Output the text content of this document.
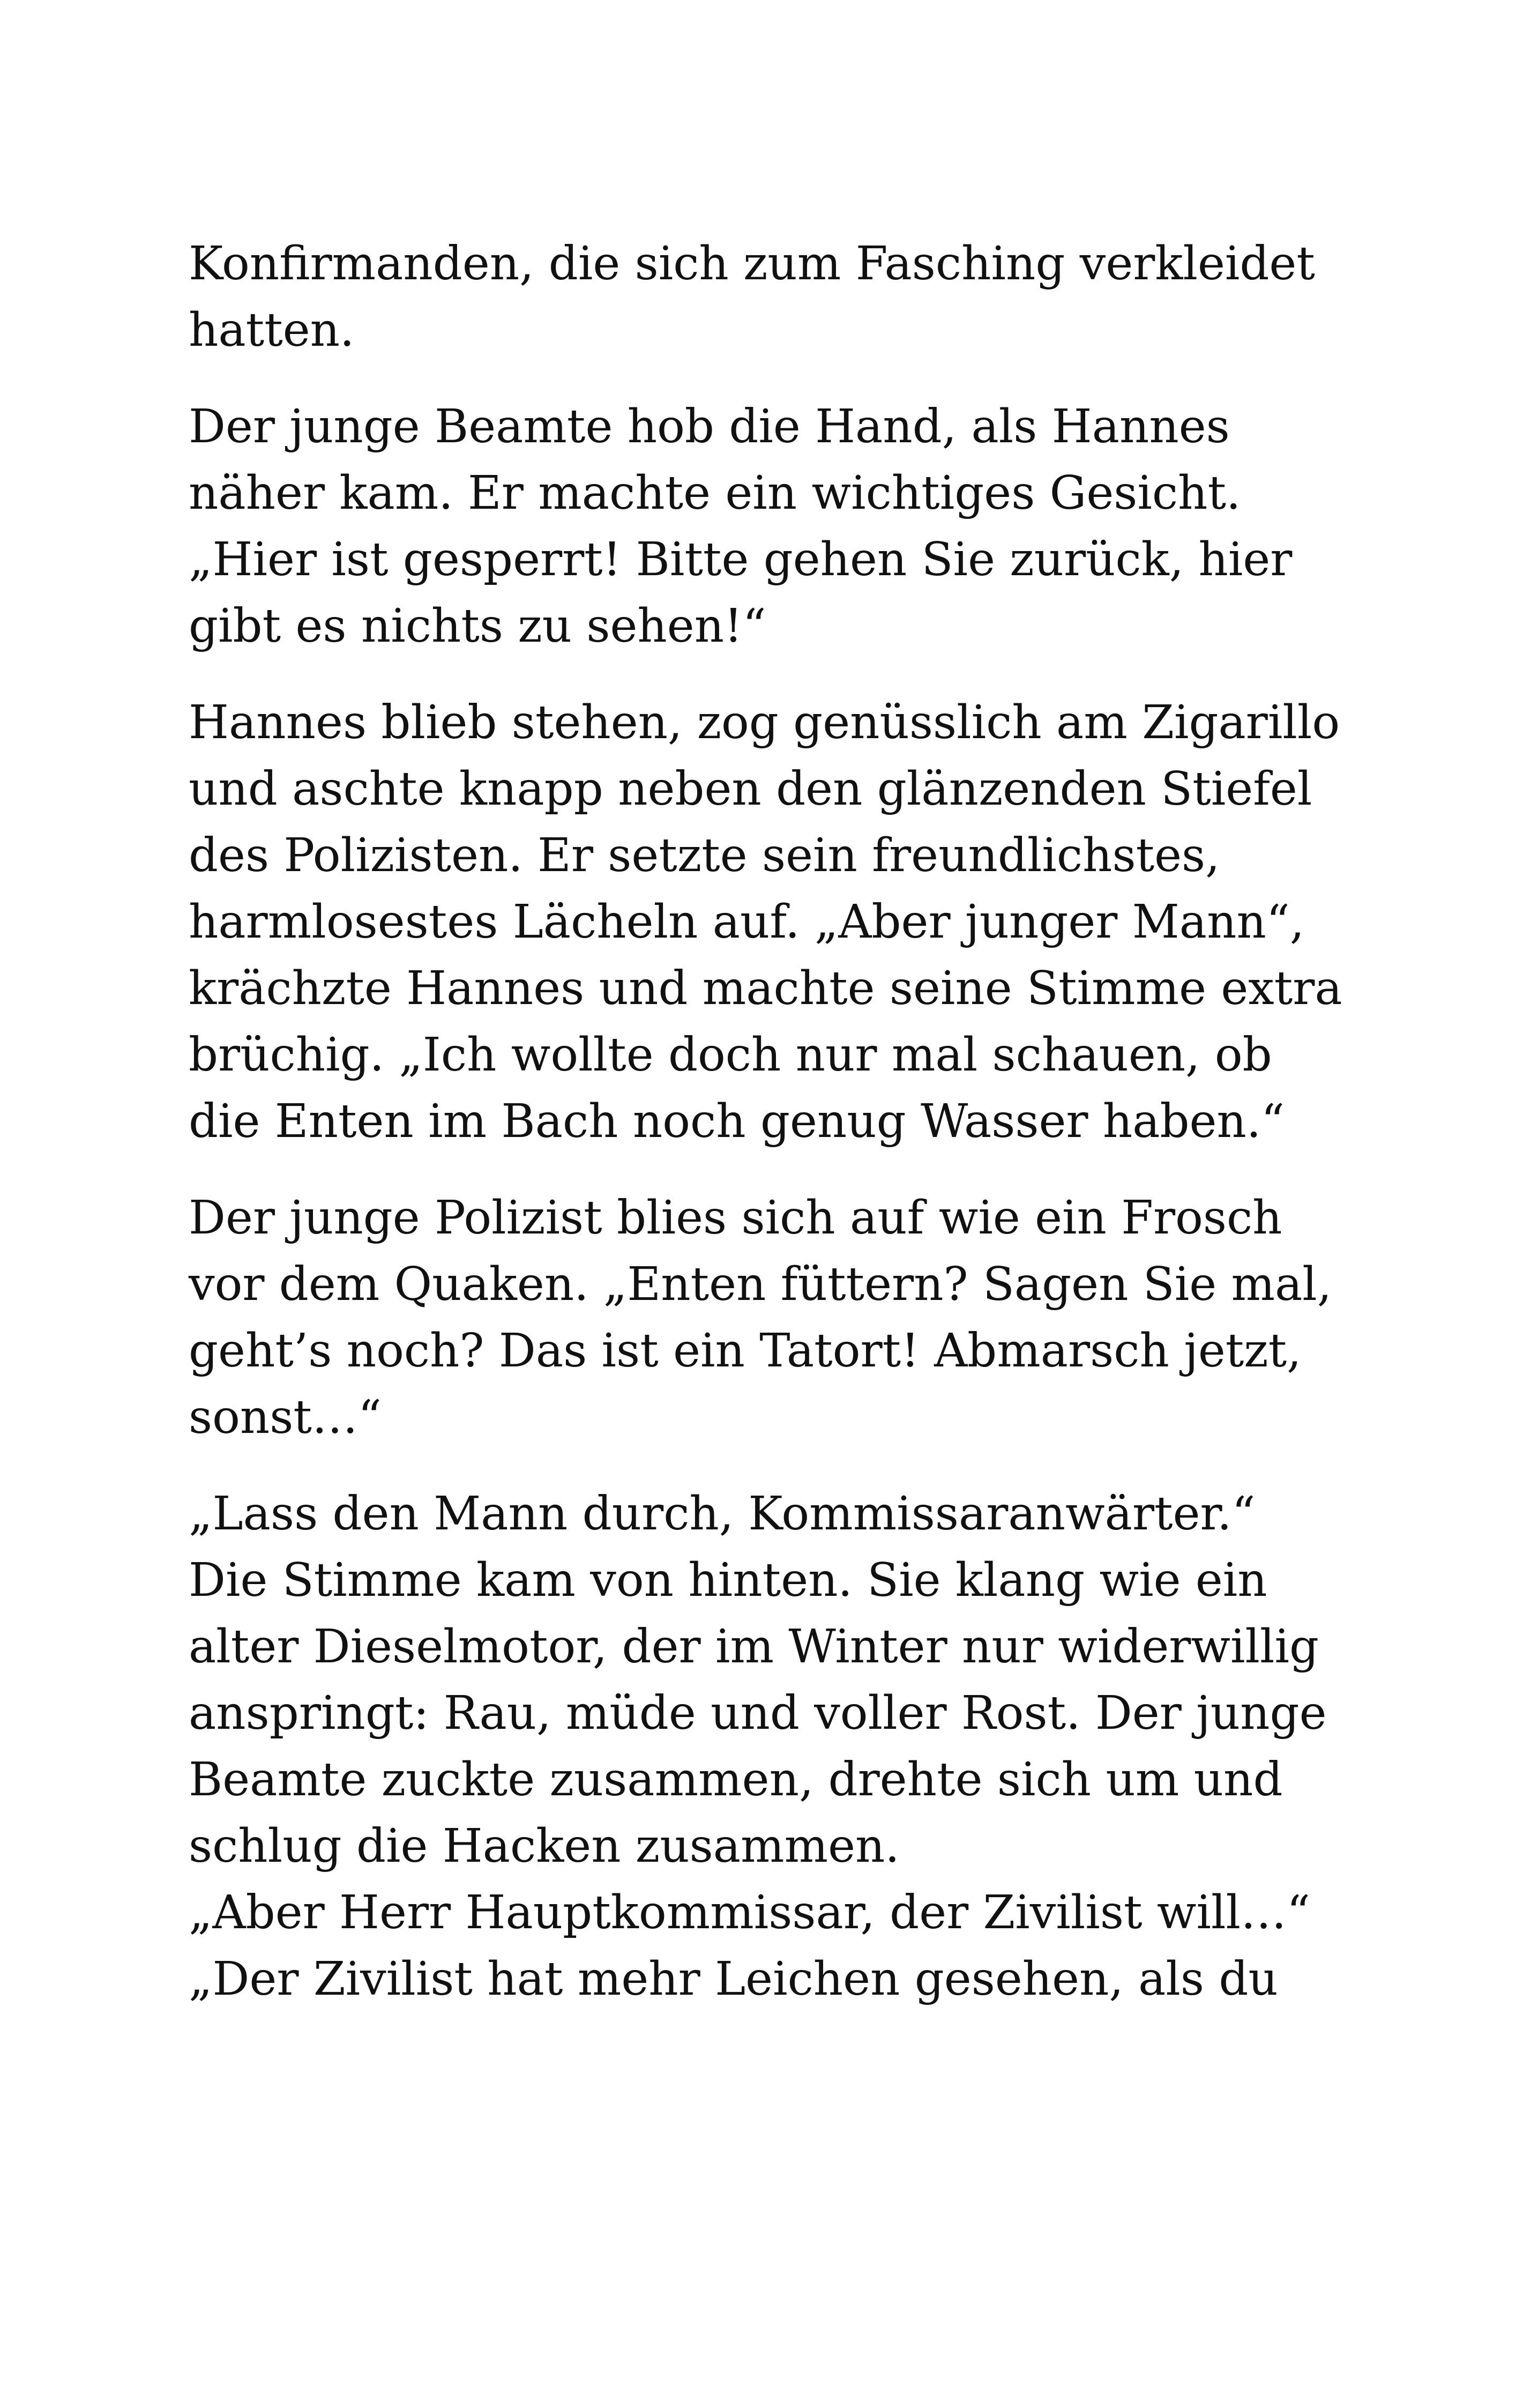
Konfirmanden, die sich zum Fasching verkleidet
hatten.
Der junge Beamte hob die Hand, als Hannes
näher kam. Er machte ein wichtiges Gesicht.
„Hier ist gesperrt! Bitte gehen Sie zurück, hier
gibt es nichts zu sehen!“
Hannes blieb stehen, zog genüsslich am Zigarillo
und aschte knapp neben den glänzenden Stiefel
des Polizisten. Er setzte sein freundlichstes,
harmlosestes Lächeln auf. „Aber junger Mann“,
krächzte Hannes und machte seine Stimme extra
brüchig. „Ich wollte doch nur mal schauen, ob
die Enten im Bach noch genug Wasser haben.“
Der junge Polizist blies sich auf wie ein Frosch
vor dem Quaken. „Enten füttern? Sagen Sie mal,
geht’s noch? Das ist ein Tatort! Abmarsch jetzt,
sonst…“
„Lass den Mann durch, Kommissaranwärter.“
Die Stimme kam von hinten. Sie klang wie ein
alter Dieselmotor, der im Winter nur widerwillig
anspringt: Rau, müde und voller Rost. Der junge
Beamte zuckte zusammen, drehte sich um und
schlug die Hacken zusammen.
„Aber Herr Hauptkommissar, der Zivilist will…“
„Der Zivilist hat mehr Leichen gesehen, als du
